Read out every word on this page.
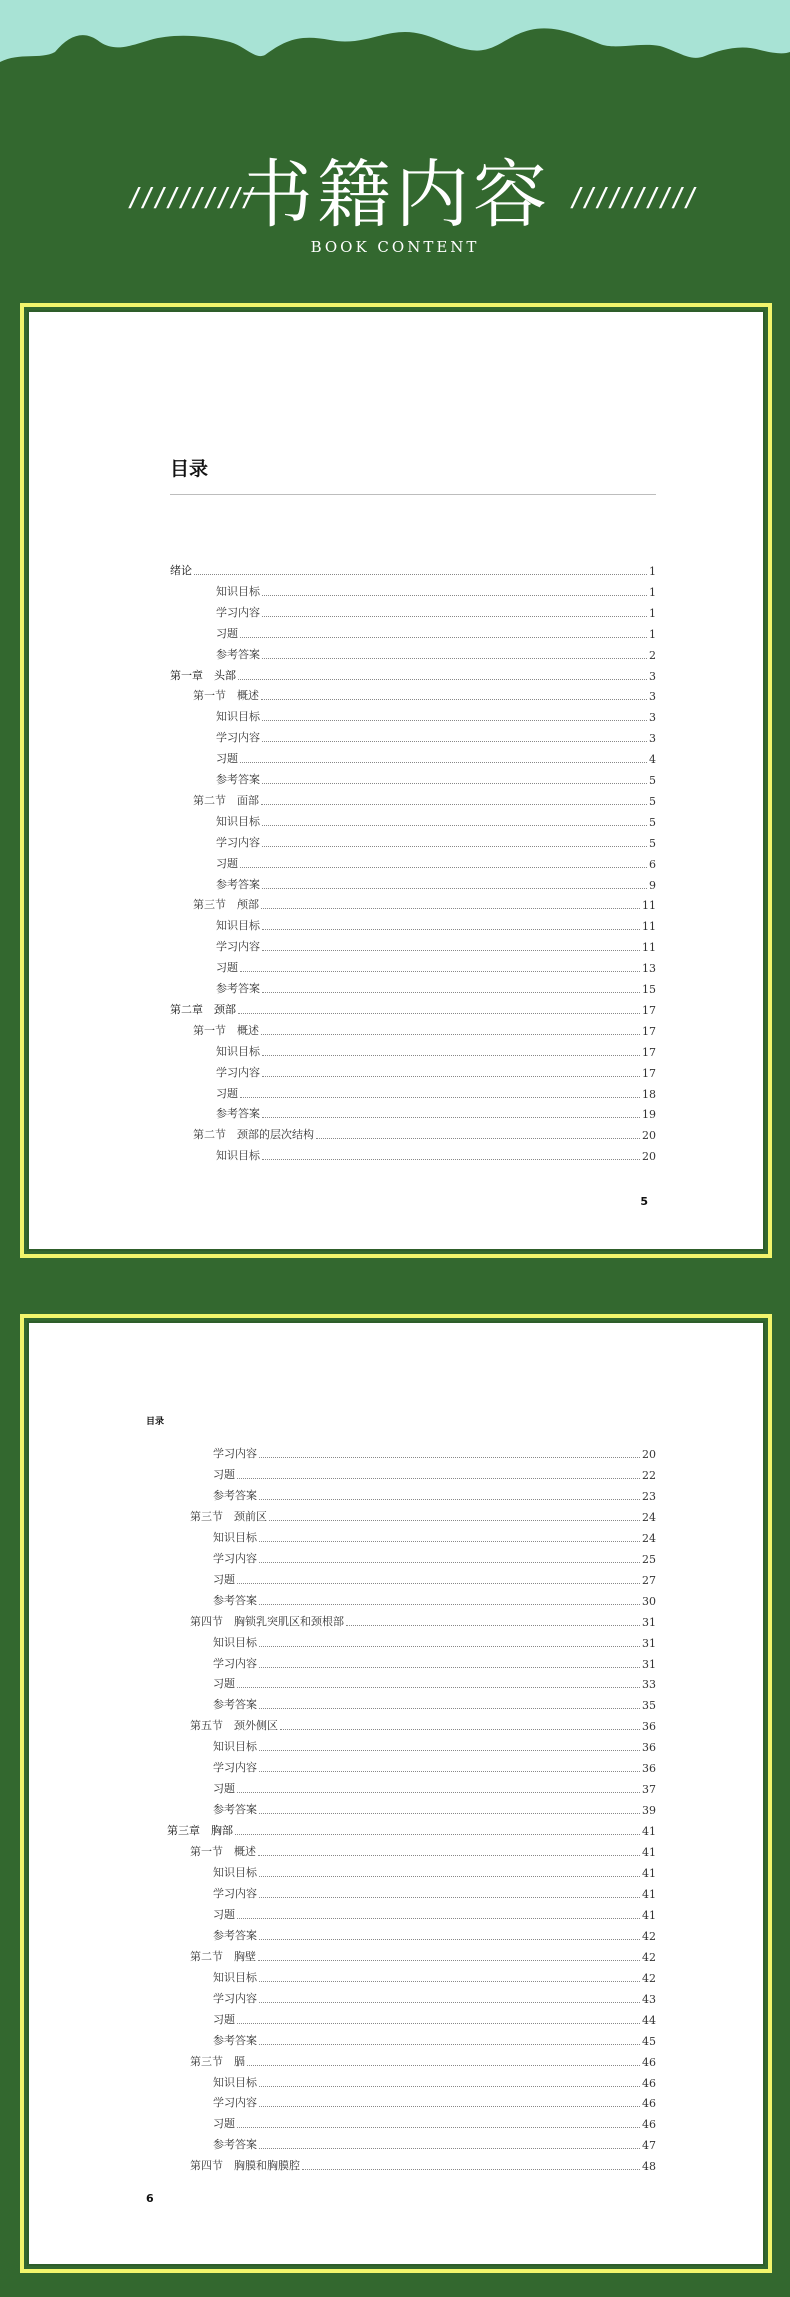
//////////
书籍内容 //////////
BOOK CONTENT
目录
绪论	1
知识目标	1
学习内容	1
习题	1
参考答案	2
第一章　头部	3
第一节　概述	3
知识目标	3
学习内容	3
习题	4
参考答案	5
第二节　面部	5
知识目标	5
学习内容	5
习题	6
参考答案	9
第三节　颅部	11
知识目标	11
学习内容	11
习题	13
参考答案	15
第二章　颈部	17
第一节　概述	17
知识目标	17
学习内容	17
习题	18
参考答案	19
第二节　颈部的层次结构	20
知识目标	20
5
目录
学习内容	20
习题	22
参考答案	23
第三节　颈前区	24
知识目标	24
学习内容	25
习题	27
参考答案	30
第四节　胸锁乳突肌区和颈根部	31
知识目标	31
学习内容	31
习题	33
参考答案	35
第五节　颈外侧区	36
知识目标	36
学习内容	36
习题	37
参考答案	39
第三章　胸部	41
第一节　概述	41
知识目标	41
学习内容	41
习题	41
参考答案	42
第二节　胸壁	42
知识目标	42
学习内容	43
习题	44
参考答案	45
第三节　膈	46
知识目标	46
学习内容	46
习题	46
参考答案	47
第四节　胸膜和胸膜腔	48
6
